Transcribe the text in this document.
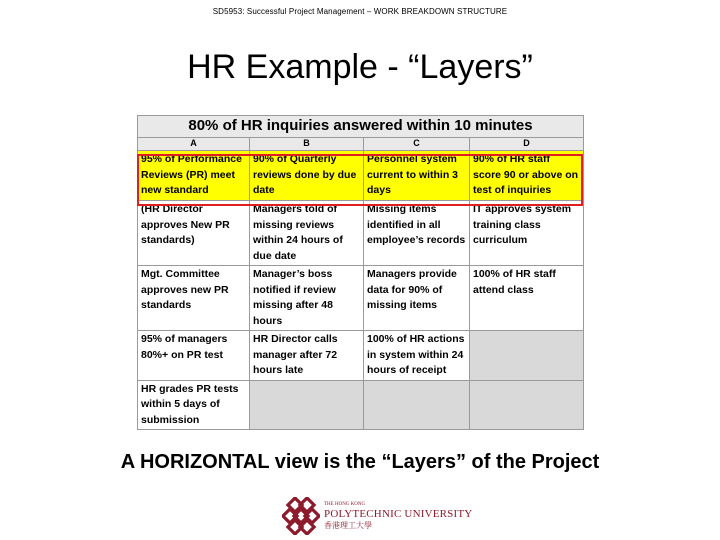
SD5953: Successful Project Management – WORK BREAKDOWN STRUCTURE
HR Example - “Layers”
80% of HR inquiries answered within 10 minutes			
A	B	C	D
95% of Performance Reviews (PR) meet new standard	90% of Quarterly reviews done by due date	Personnel system current to within 3 days	90% of HR staff score 90 or above on test of inquiries
(HR Director approves New PR standards)	Managers told of missing reviews within 24 hours of due date	Missing items identified in all employee’s records	IT approves system training class curriculum
Mgt. Committee approves new PR standards	Manager’s boss notified if review missing after 48 hours	Managers provide data for 90% of missing items	100% of HR staff attend class
95% of managers 80%+ on PR test	HR Director calls manager after 72 hours late	100% of HR actions in system within 24 hours of receipt	
HR grades PR tests within 5 days of submission			
A HORIZONTAL view is the “Layers” of the Project
THE HONG KONG
POLYTECHNIC UNIVERSITY
香港理工大學
